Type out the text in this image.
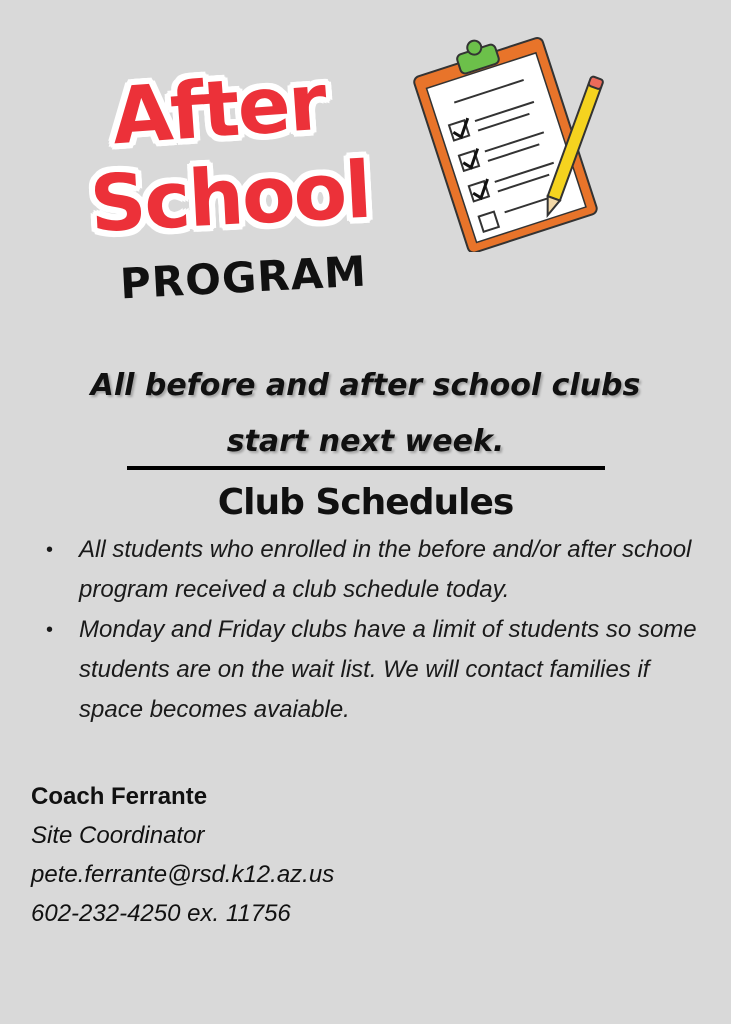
After
School
PROGRAM
All before and after school clubs
start next week.
Club Schedules
• All students who enrolled in the before and/or after school program received a club schedule today.
• Monday and Friday clubs have a limit of students so some students are on the wait list. We will contact families if space becomes avaiable.
Coach Ferrante
Site Coordinator
pete.ferrante@rsd.k12.az.us
602-232-4250 ex. 11756
